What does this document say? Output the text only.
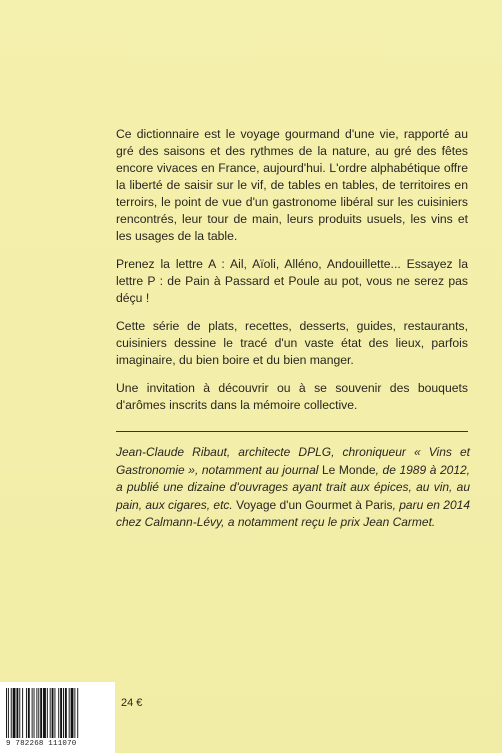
Ce dictionnaire est le voyage gourmand d'une vie, rapporté au gré des saisons et des rythmes de la nature, au gré des fêtes encore vivaces en France, aujourd'hui. L'ordre alphabétique offre la liberté de saisir sur le vif, de tables en tables, de territoires en terroirs, le point de vue d'un gastronome libéral sur les cuisiniers rencontrés, leur tour de main, leurs produits usuels, les vins et les usages de la table.

Prenez la lettre A : Ail, Aïoli, Alléno, Andouillette... Essayez la lettre P : de Pain à Passard et Poule au pot, vous ne serez pas déçu !

Cette série de plats, recettes, desserts, guides, restaurants, cuisiniers dessine le tracé d'un vaste état des lieux, parfois imaginaire, du bien boire et du bien manger.

Une invitation à découvrir ou à se souvenir des bouquets d'arômes inscrits dans la mémoire collective.

Jean-Claude Ribaut, architecte DPLG, chroniqueur « Vins et Gastronomie », notamment au journal Le Monde, de 1989 à 2012, a publié une dizaine d'ouvrages ayant trait aux épices, au vin, au pain, aux cigares, etc. Voyage d'un Gourmet à Paris, paru en 2014 chez Calmann-Lévy, a notamment reçu le prix Jean Carmet.

9 782268 111070
24 €
